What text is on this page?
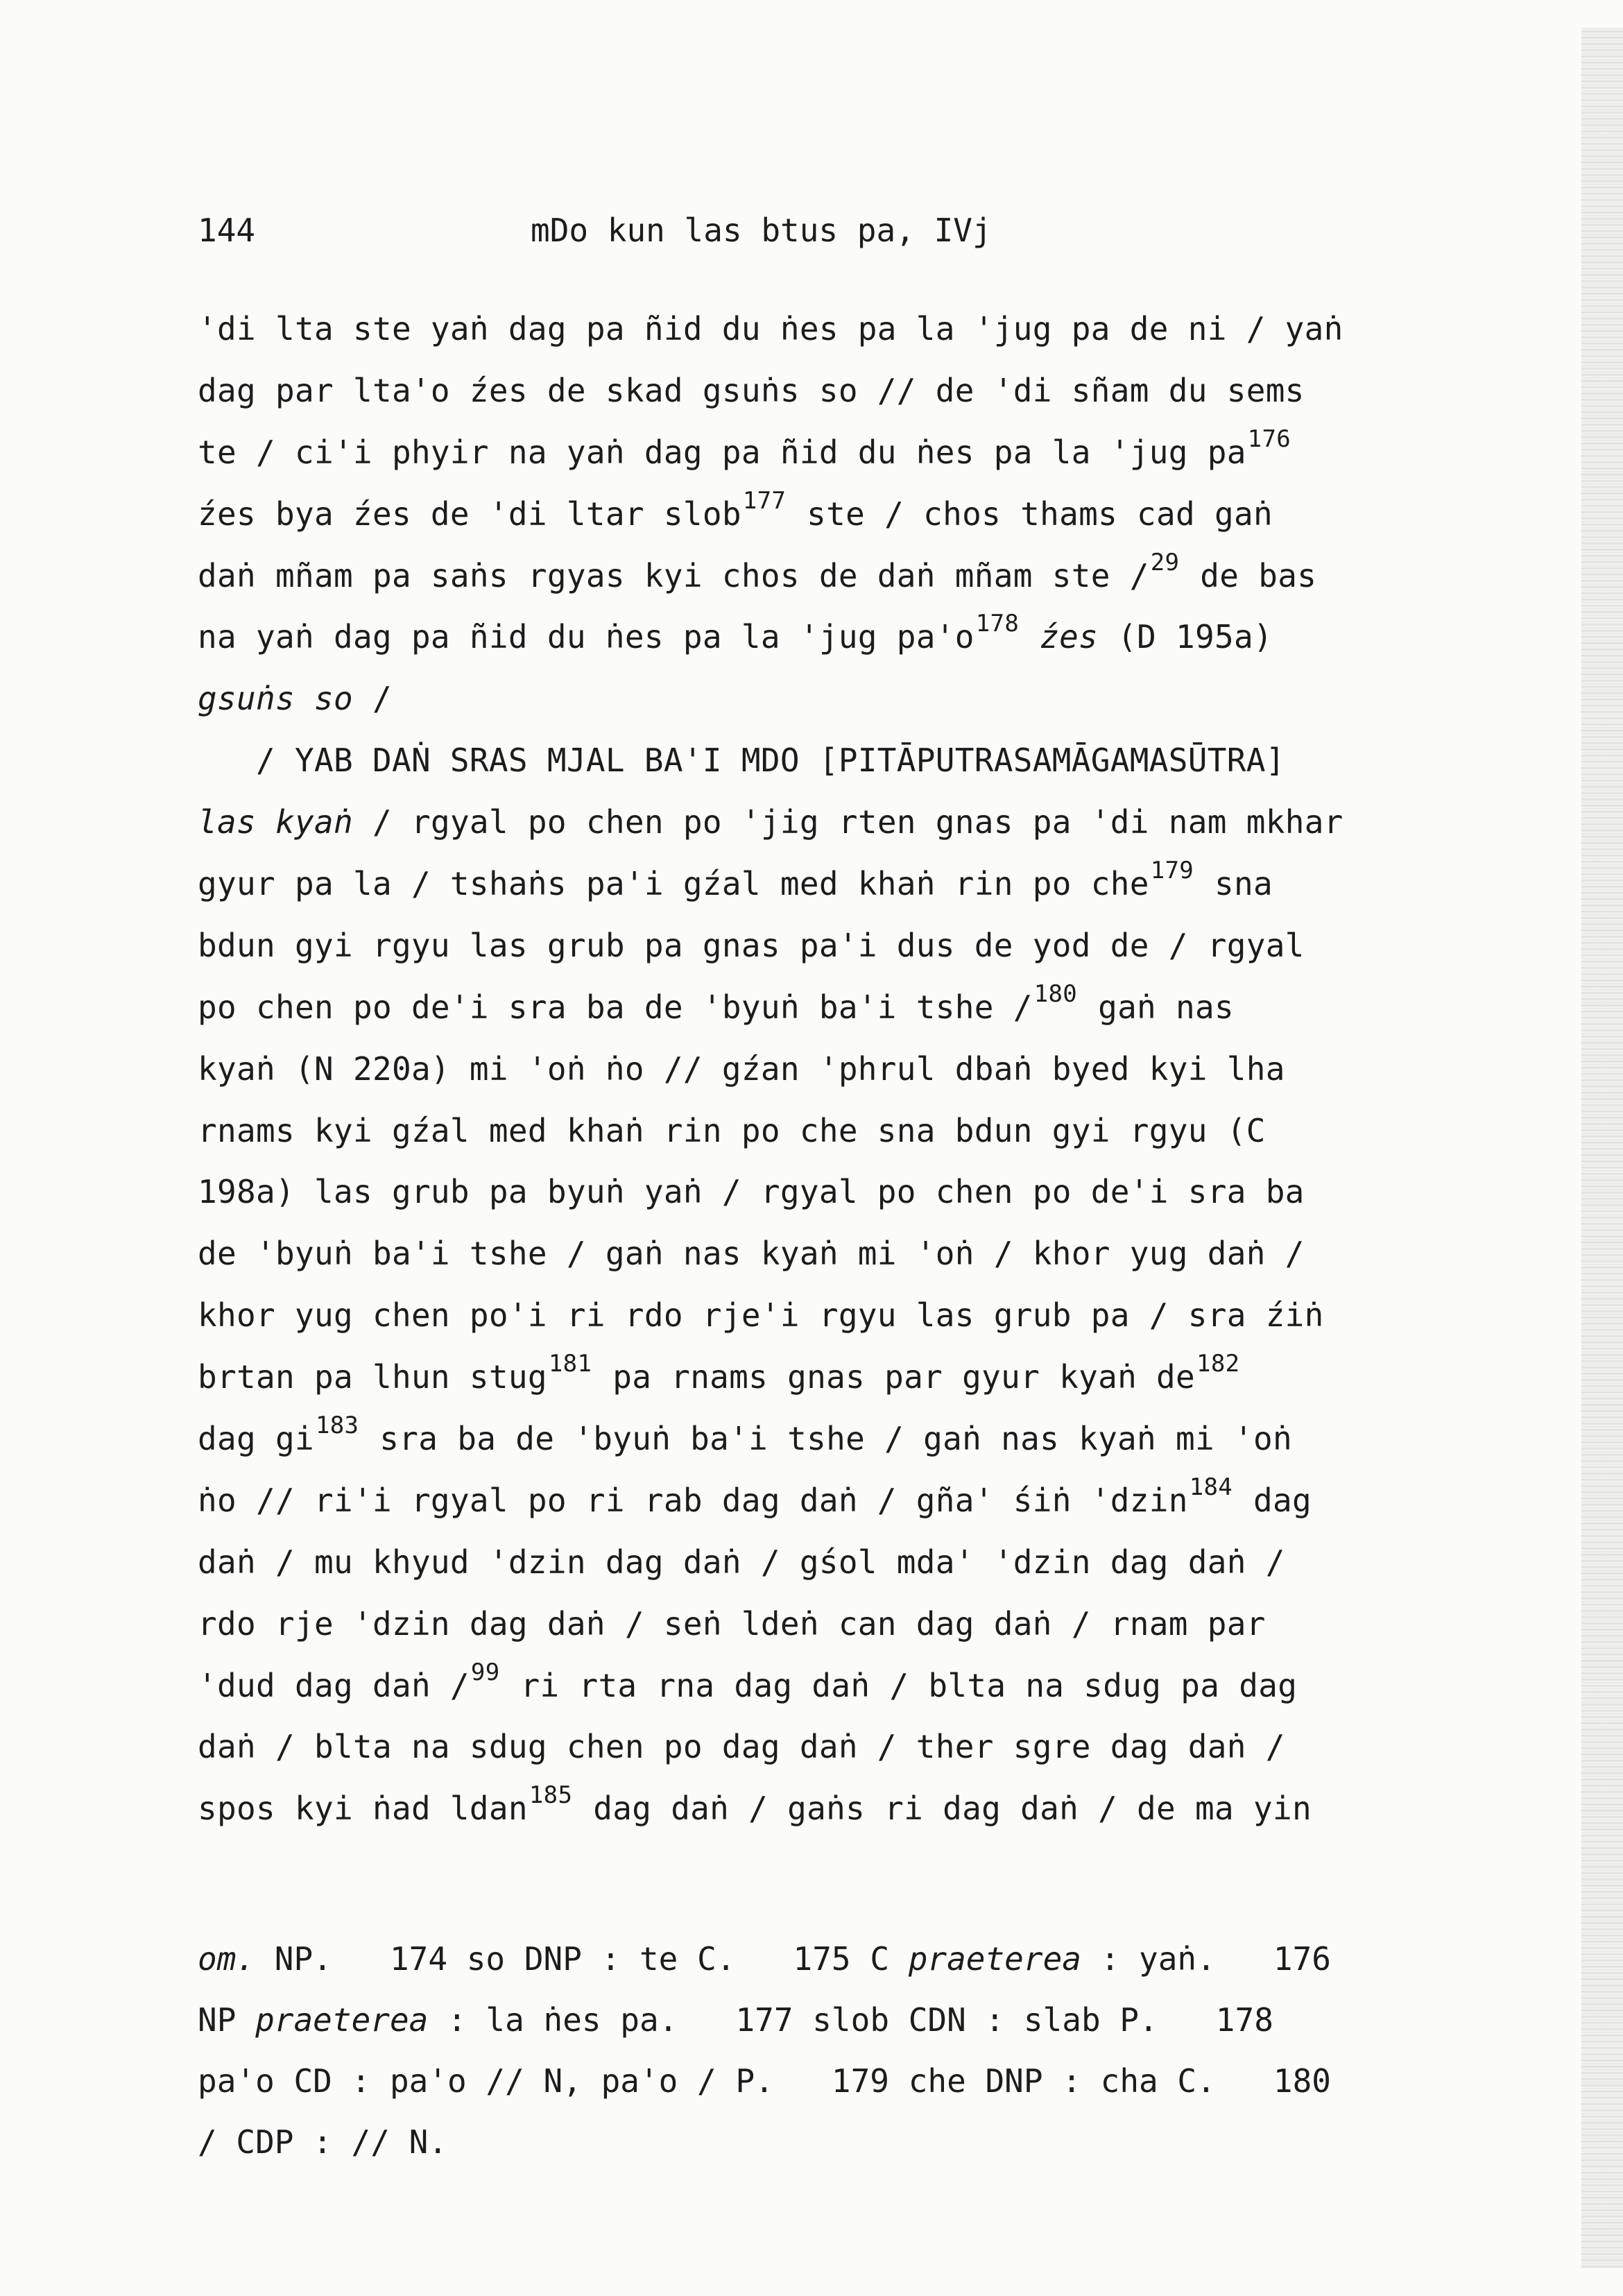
144	mDo kun las btus pa, IVj
'di lta ste yaṅ dag pa ñid du ṅes pa la 'jug pa de ni / yaṅ
dag par lta'o źes de skad gsuṅs so // de 'di sñam du sems
te / ci'i phyir na yaṅ dag pa ñid du ṅes pa la 'jug pa$^{176}$
źes bya źes de 'di ltar slob$^{177}$ ste / chos thams cad gaṅ
daṅ mñam pa saṅs rgyas kyi chos de daṅ mñam ste /$^{29}$ de bas
na yaṅ dag pa ñid du ṅes pa la 'jug pa'o$^{178}$ źes (D 195a)
gsuṅs so /
/ YAB DAṄ SRAS MJAL BA'I MDO [PITĀPUTRASAMĀGAMASŪTRA]
las kyaṅ / rgyal po chen po 'jig rten gnas pa 'di nam mkhar
gyur pa la / tshaṅs pa'i gźal med khaṅ rin po che$^{179}$ sna
bdun gyi rgyu las grub pa gnas pa'i dus de yod de / rgyal
po chen po de'i sra ba de 'byuṅ ba'i tshe /$^{180}$ gaṅ nas
kyaṅ (N 220a) mi 'oṅ ṅo // gźan 'phrul dbaṅ byed kyi lha
rnams kyi gźal med khaṅ rin po che sna bdun gyi rgyu (C
198a) las grub pa byuṅ yaṅ / rgyal po chen po de'i sra ba
de 'byuṅ ba'i tshe / gaṅ nas kyaṅ mi 'oṅ / khor yug daṅ /
khor yug chen po'i ri rdo rje'i rgyu las grub pa / sra źiṅ
brtan pa lhun stug$^{181}$ pa rnams gnas par gyur kyaṅ de$^{182}$
dag gi$^{183}$ sra ba de 'byuṅ ba'i tshe / gaṅ nas kyaṅ mi 'oṅ
ṅo // ri'i rgyal po ri rab dag daṅ / gña' śiṅ 'dzin$^{184}$ dag
daṅ / mu khyud 'dzin dag daṅ / gśol mda' 'dzin dag daṅ /
rdo rje 'dzin dag daṅ / seṅ ldeṅ can dag daṅ / rnam par
'dud dag daṅ /$^{99}$ ri rta rna dag daṅ / blta na sdug pa dag
daṅ / blta na sdug chen po dag daṅ / ther sgre dag daṅ /
spos kyi ṅad ldan$^{185}$ dag daṅ / gaṅs ri dag daṅ / de ma yin
om. NP.   174 so DNP : te C.   175 C praeterea : yaṅ.   176
NP praeterea : la ṅes pa.   177 slob CDN : slab P.   178
pa'o CD : pa'o // N, pa'o / P.   179 che DNP : cha C.   180
/ CDP : // N.
